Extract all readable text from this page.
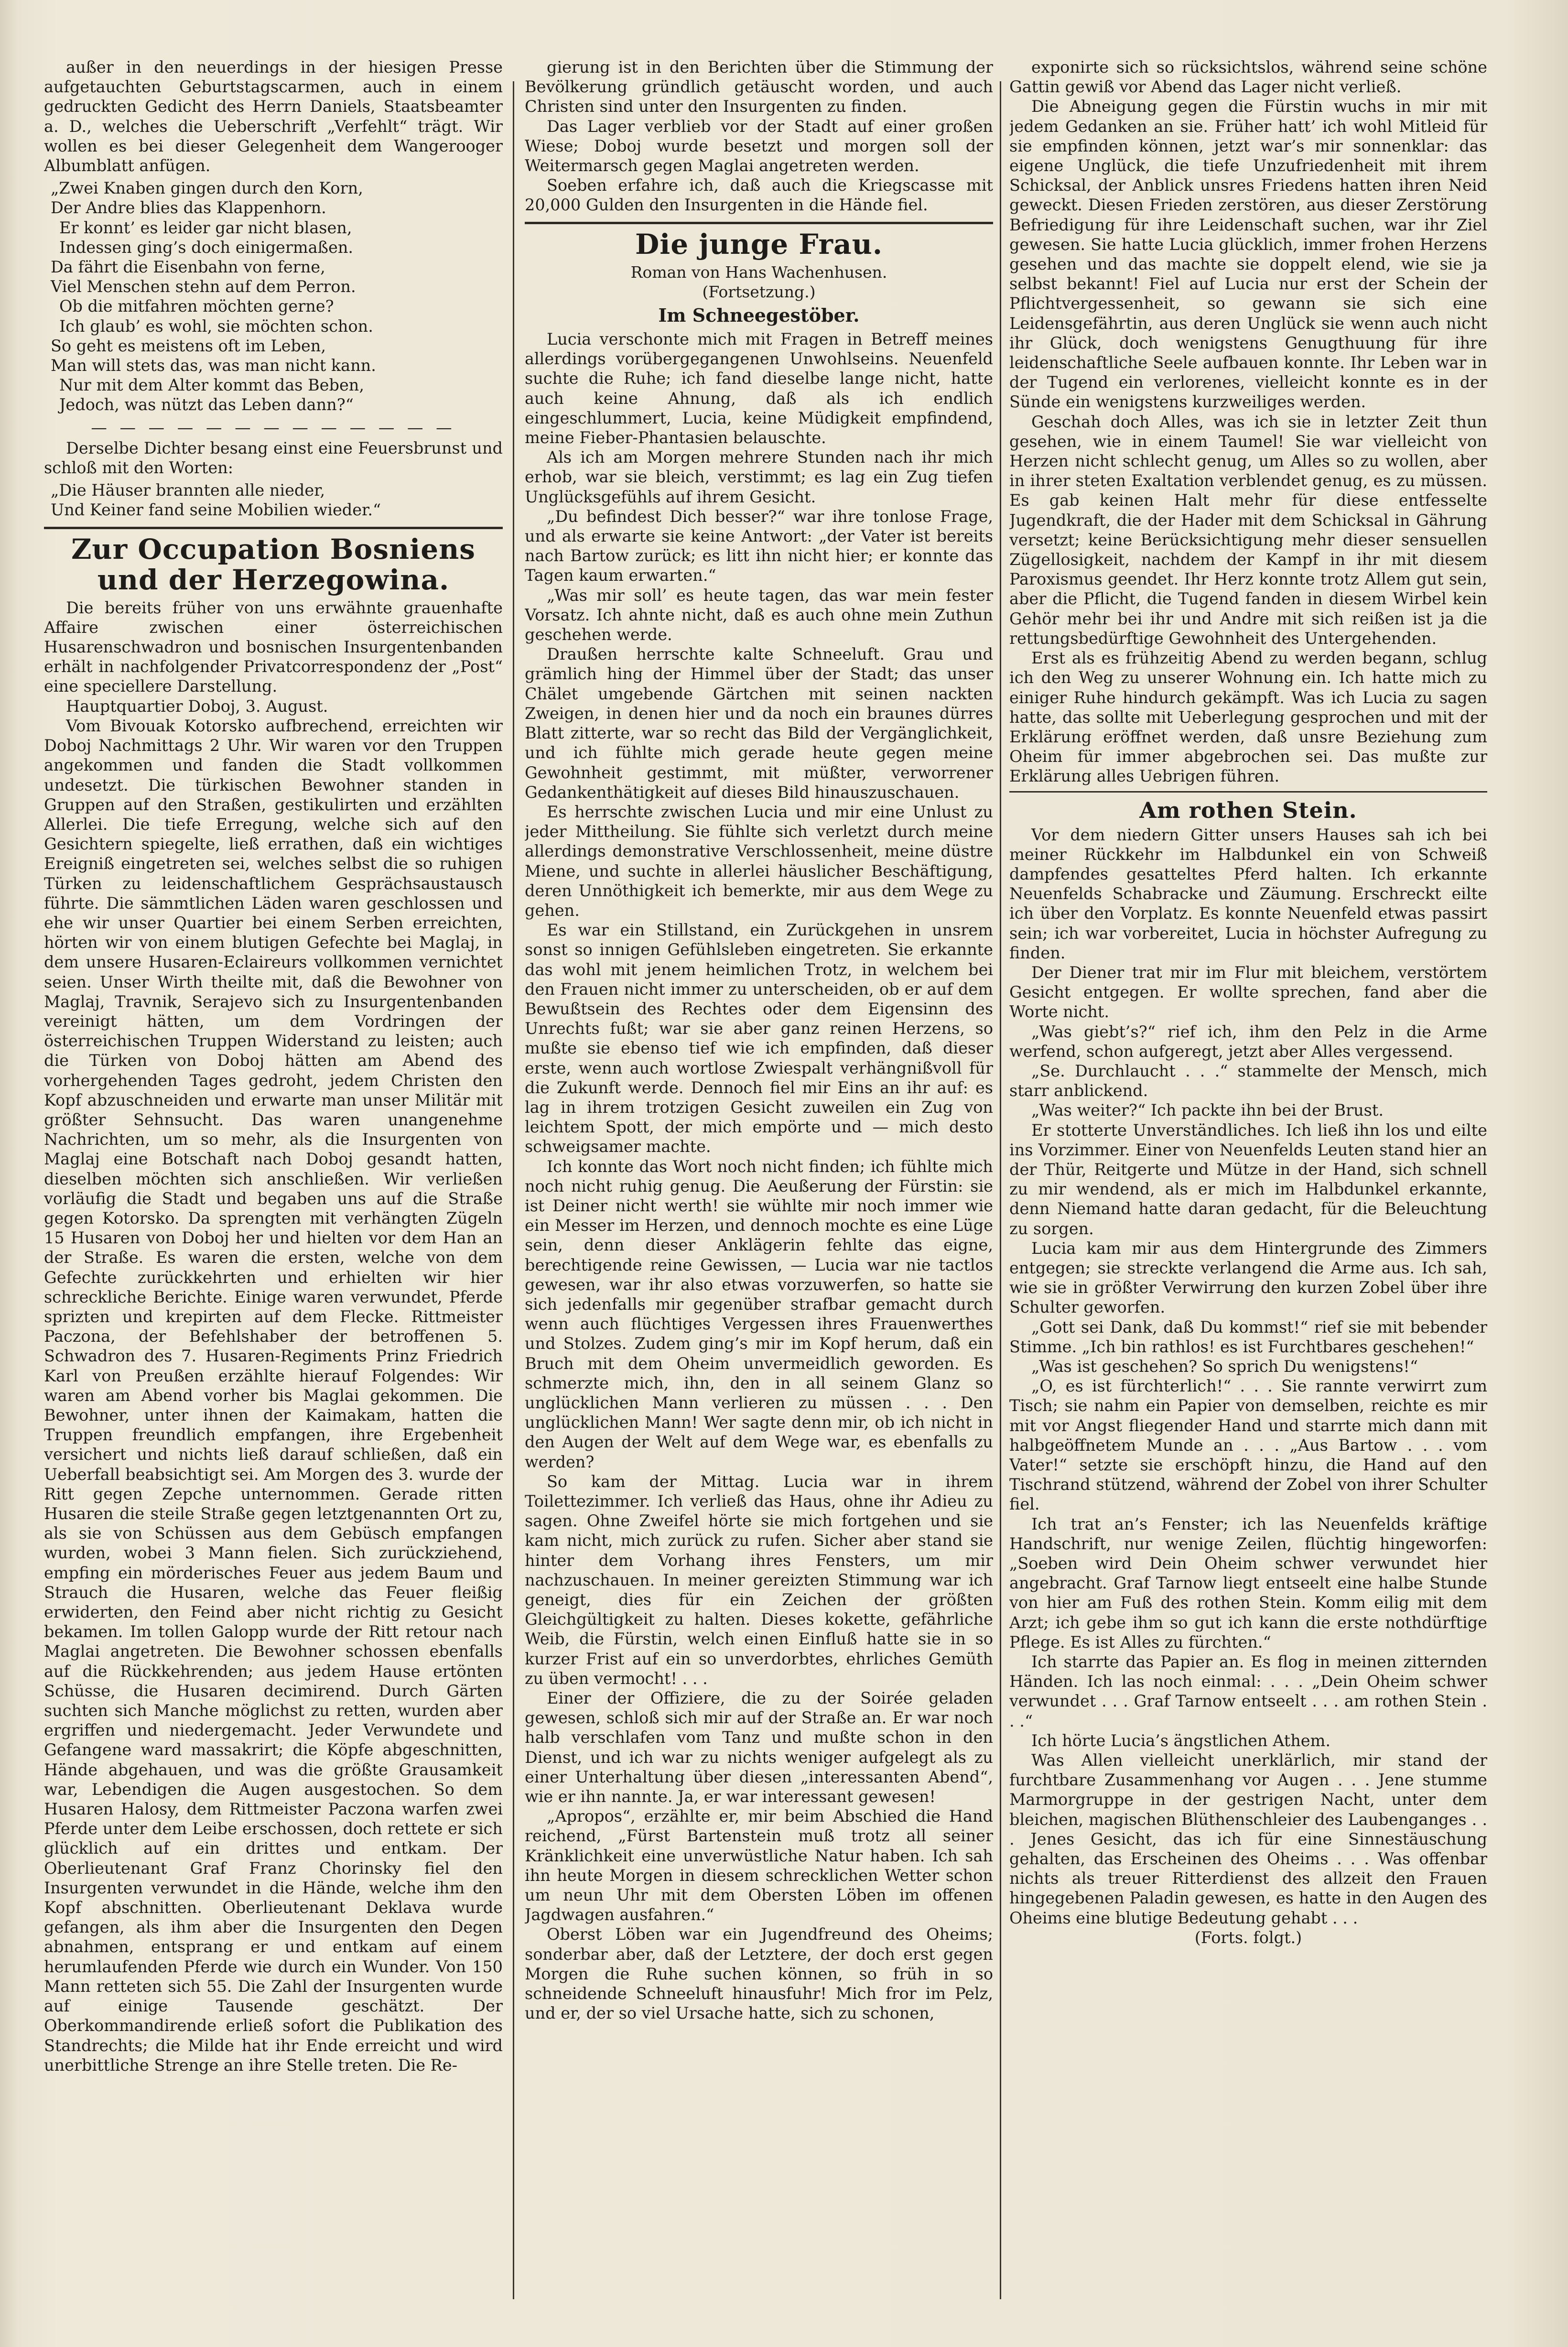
außer in den neuerdings in der hiesigen Presse aufgetauchten Geburtstagscarmen, auch in einem gedruckten Gedicht des Herrn Daniels, Staatsbeamter a. D., welches die Ueberschrift „Verfehlt“ trägt. Wir wollen es bei dieser Gelegenheit dem Wangerooger Albumblatt anfügen.

„Zwei Knaben gingen durch den Korn,
Der Andre blies das Klappenhorn.
Er konnt’ es leider gar nicht blasen,
Indessen ging’s doch einigermaßen.
Da fährt die Eisenbahn von ferne,
Viel Menschen stehn auf dem Perron.
Ob die mitfahren möchten gerne?
Ich glaub’ es wohl, sie möchten schon.
So geht es meistens oft im Leben,
Man will stets das, was man nicht kann.
Nur mit dem Alter kommt das Beben,
Jedoch, was nützt das Leben dann?“
— — — — — — — — — — — — —

Derselbe Dichter besang einst eine Feuersbrunst und schloß mit den Worten:

„Die Häuser brannten alle nieder,
Und Keiner fand seine Mobilien wieder.“
Zur Occupation Bosniens und der Herzegowina.

Die bereits früher von uns erwähnte grauenhafte Affaire zwischen einer österreichischen Husarenschwadron und bosnischen Insurgentenbanden erhält in nachfolgender Privatcorrespondenz der „Post“ eine speciellere Darstellung.

Hauptquartier Doboj, 3. August.

Vom Bivouak Kotorsko aufbrechend, erreichten wir Doboj Nachmittags 2 Uhr. Wir waren vor den Truppen angekommen und fanden die Stadt vollkommen undesetzt. Die türkischen Bewohner standen in Gruppen auf den Straßen, gestikulirten und erzählten Allerlei. Die tiefe Erregung, welche sich auf den Gesichtern spiegelte, ließ errathen, daß ein wichtiges Ereigniß eingetreten sei, welches selbst die so ruhigen Türken zu leidenschaftlichem Gesprächsaustausch führte. Die sämmtlichen Läden waren geschlossen und ehe wir unser Quartier bei einem Serben erreichten, hörten wir von einem blutigen Gefechte bei Maglaj, in dem unsere Husaren-Eclaireurs vollkommen vernichtet seien. Unser Wirth theilte mit, daß die Bewohner von Maglaj, Travnik, Serajevo sich zu Insurgentenbanden vereinigt hätten, um dem Vordringen der österreichischen Truppen Widerstand zu leisten; auch die Türken von Doboj hätten am Abend des vorhergehenden Tages gedroht, jedem Christen den Kopf abzuschneiden und erwarte man unser Militär mit größter Sehnsucht. Das waren unangenehme Nachrichten, um so mehr, als die Insurgenten von Maglaj eine Botschaft nach Doboj gesandt hatten, dieselben möchten sich anschließen. Wir verließen vorläufig die Stadt und begaben uns auf die Straße gegen Kotorsko. Da sprengten mit verhängten Zügeln 15 Husaren von Doboj her und hielten vor dem Han an der Straße. Es waren die ersten, welche von dem Gefechte zurückkehrten und erhielten wir hier schreckliche Berichte. Einige waren verwundet, Pferde sprizten und krepirten auf dem Flecke. Rittmeister Paczona, der Befehlshaber der betroffenen 5. Schwadron des 7. Husaren-Regiments Prinz Friedrich Karl von Preußen erzählte hierauf Folgendes: Wir waren am Abend vorher bis Maglai gekommen. Die Bewohner, unter ihnen der Kaimakam, hatten die Truppen freundlich empfangen, ihre Ergebenheit versichert und nichts ließ darauf schließen, daß ein Ueberfall beabsichtigt sei. Am Morgen des 3. wurde der Ritt gegen Zepche unternommen. Gerade ritten Husaren die steile Straße gegen letztgenannten Ort zu, als sie von Schüssen aus dem Gebüsch empfangen wurden, wobei 3 Mann fielen. Sich zurückziehend, empfing ein mörderisches Feuer aus jedem Baum und Strauch die Husaren, welche das Feuer fleißig erwiderten, den Feind aber nicht richtig zu Gesicht bekamen. Im tollen Galopp wurde der Ritt retour nach Maglai angetreten. Die Bewohner schossen ebenfalls auf die Rückkehrenden; aus jedem Hause ertönten Schüsse, die Husaren decimirend. Durch Gärten suchten sich Manche möglichst zu retten, wurden aber ergriffen und niedergemacht. Jeder Verwundete und Gefangene ward massakrirt; die Köpfe abgeschnitten, Hände abgehauen, und was die größte Grausamkeit war, Lebendigen die Augen ausgestochen. So dem Husaren Halosy, dem Rittmeister Paczona warfen zwei Pferde unter dem Leibe erschossen, doch rettete er sich glücklich auf ein drittes und entkam. Der Oberlieutenant Graf Franz Chorinsky fiel den Insurgenten verwundet in die Hände, welche ihm den Kopf abschnitten. Oberlieutenant Deklava wurde gefangen, als ihm aber die Insurgenten den Degen abnahmen, entsprang er und entkam auf einem herumlaufenden Pferde wie durch ein Wunder. Von 150 Mann retteten sich 55. Die Zahl der Insurgenten wurde auf einige Tausende geschätzt. Der Oberkommandirende erließ sofort die Publikation des Standrechts; die Milde hat ihr Ende erreicht und wird unerbittliche Strenge an ihre Stelle treten. Die Re-

gierung ist in den Berichten über die Stimmung der Bevölkerung gründlich getäuscht worden, und auch Christen sind unter den Insurgenten zu finden.

Das Lager verblieb vor der Stadt auf einer großen Wiese; Doboj wurde besetzt und morgen soll der Weitermarsch gegen Maglai angetreten werden.

Soeben erfahre ich, daß auch die Kriegscasse mit 20,000 Gulden den Insurgenten in die Hände fiel.

Die junge Frau.
Roman von Hans Wachenhusen.
(Fortsetzung.)
Im Schneegestöber.

Lucia verschonte mich mit Fragen in Betreff meines allerdings vorübergegangenen Unwohlseins. Neuenfeld suchte die Ruhe; ich fand dieselbe lange nicht, hatte auch keine Ahnung, daß als ich endlich eingeschlummert, Lucia, keine Müdigkeit empfindend, meine Fieber-Phantasien belauschte.

Als ich am Morgen mehrere Stunden nach ihr mich erhob, war sie bleich, verstimmt; es lag ein Zug tiefen Unglücksgefühls auf ihrem Gesicht.

„Du befindest Dich besser?“ war ihre tonlose Frage, und als erwarte sie keine Antwort: „der Vater ist bereits nach Bartow zurück; es litt ihn nicht hier; er konnte das Tagen kaum erwarten.“

„Was mir soll’ es heute tagen, das war mein fester Vorsatz. Ich ahnte nicht, daß es auch ohne mein Zuthun geschehen werde.

Draußen herrschte kalte Schneeluft. Grau und grämlich hing der Himmel über der Stadt; das unser Chälet umgebende Gärtchen mit seinen nackten Zweigen, in denen hier und da noch ein braunes dürres Blatt zitterte, war so recht das Bild der Vergänglichkeit, und ich fühlte mich gerade heute gegen meine Gewohnheit gestimmt, mit müßter, verworrener Gedankenthätigkeit auf dieses Bild hinauszuschauen.

Es herrschte zwischen Lucia und mir eine Unlust zu jeder Mittheilung. Sie fühlte sich verletzt durch meine allerdings demonstrative Verschlossenheit, meine düstre Miene, und suchte in allerlei häuslicher Beschäftigung, deren Unnöthigkeit ich bemerkte, mir aus dem Wege zu gehen.

Es war ein Stillstand, ein Zurückgehen in unsrem sonst so innigen Gefühlsleben eingetreten. Sie erkannte das wohl mit jenem heimlichen Trotz, in welchem bei den Frauen nicht immer zu unterscheiden, ob er auf dem Bewußtsein des Rechtes oder dem Eigensinn des Unrechts fußt; war sie aber ganz reinen Herzens, so mußte sie ebenso tief wie ich empfinden, daß dieser erste, wenn auch wortlose Zwiespalt verhängnißvoll für die Zukunft werde. Dennoch fiel mir Eins an ihr auf: es lag in ihrem trotzigen Gesicht zuweilen ein Zug von leichtem Spott, der mich empörte und — mich desto schweigsamer machte.

Ich konnte das Wort noch nicht finden; ich fühlte mich noch nicht ruhig genug. Die Aeußerung der Fürstin: sie ist Deiner nicht werth! sie wühlte mir noch immer wie ein Messer im Herzen, und dennoch mochte es eine Lüge sein, denn dieser Anklägerin fehlte das eigne, berechtigende reine Gewissen, — Lucia war nie tactlos gewesen, war ihr also etwas vorzuwerfen, so hatte sie sich jedenfalls mir gegenüber strafbar gemacht durch wenn auch flüchtiges Vergessen ihres Frauenwerthes und Stolzes. Zudem ging’s mir im Kopf herum, daß ein Bruch mit dem Oheim unvermeidlich geworden. Es schmerzte mich, ihn, den in all seinem Glanz so unglücklichen Mann verlieren zu müssen . . . Den unglücklichen Mann! Wer sagte denn mir, ob ich nicht in den Augen der Welt auf dem Wege war, es ebenfalls zu werden?

So kam der Mittag. Lucia war in ihrem Toilettezimmer. Ich verließ das Haus, ohne ihr Adieu zu sagen. Ohne Zweifel hörte sie mich fortgehen und sie kam nicht, mich zurück zu rufen. Sicher aber stand sie hinter dem Vorhang ihres Fensters, um mir nachzuschauen. In meiner gereizten Stimmung war ich geneigt, dies für ein Zeichen der größten Gleichgültigkeit zu halten. Dieses kokette, gefährliche Weib, die Fürstin, welch einen Einfluß hatte sie in so kurzer Frist auf ein so unverdorbtes, ehrliches Gemüth zu üben vermocht! . . .

Einer der Offiziere, die zu der Soirée geladen gewesen, schloß sich mir auf der Straße an. Er war noch halb verschlafen vom Tanz und mußte schon in den Dienst, und ich war zu nichts weniger aufgelegt als zu einer Unterhaltung über diesen „interessanten Abend“, wie er ihn nannte. Ja, er war interessant gewesen!

„Apropos“, erzählte er, mir beim Abschied die Hand reichend, „Fürst Bartenstein muß trotz all seiner Kränklichkeit eine unverwüstliche Natur haben. Ich sah ihn heute Morgen in diesem schrecklichen Wetter schon um neun Uhr mit dem Obersten Löben im offenen Jagdwagen ausfahren.“

Oberst Löben war ein Jugendfreund des Oheims; sonderbar aber, daß der Letztere, der doch erst gegen Morgen die Ruhe suchen können, so früh in so schneidende Schneeluft hinausfuhr! Mich fror im Pelz, und er, der so viel Ursache hatte, sich zu schonen,

exponirte sich so rücksichtslos, während seine schöne Gattin gewiß vor Abend das Lager nicht verließ.

Die Abneigung gegen die Fürstin wuchs in mir mit jedem Gedanken an sie. Früher hatt’ ich wohl Mitleid für sie empfinden können, jetzt war’s mir sonnenklar: das eigene Unglück, die tiefe Unzufriedenheit mit ihrem Schicksal, der Anblick unsres Friedens hatten ihren Neid geweckt. Diesen Frieden zerstören, aus dieser Zerstörung Befriedigung für ihre Leidenschaft suchen, war ihr Ziel gewesen. Sie hatte Lucia glücklich, immer frohen Herzens gesehen und das machte sie doppelt elend, wie sie ja selbst bekannt! Fiel auf Lucia nur erst der Schein der Pflichtvergessenheit, so gewann sie sich eine Leidensgefährtin, aus deren Unglück sie wenn auch nicht ihr Glück, doch wenigstens Genugthuung für ihre leidenschaftliche Seele aufbauen konnte. Ihr Leben war in der Tugend ein verlorenes, vielleicht konnte es in der Sünde ein wenigstens kurzweiliges werden.

Geschah doch Alles, was ich sie in letzter Zeit thun gesehen, wie in einem Taumel! Sie war vielleicht von Herzen nicht schlecht genug, um Alles so zu wollen, aber in ihrer steten Exaltation verblendet genug, es zu müssen. Es gab keinen Halt mehr für diese entfesselte Jugendkraft, die der Hader mit dem Schicksal in Gährung versetzt; keine Berücksichtigung mehr dieser sensuellen Zügellosigkeit, nachdem der Kampf in ihr mit diesem Paroxismus geendet. Ihr Herz konnte trotz Allem gut sein, aber die Pflicht, die Tugend fanden in diesem Wirbel kein Gehör mehr bei ihr und Andre mit sich reißen ist ja die rettungsbedürftige Gewohnheit des Untergehenden.

Erst als es frühzeitig Abend zu werden begann, schlug ich den Weg zu unserer Wohnung ein. Ich hatte mich zu einiger Ruhe hindurch gekämpft. Was ich Lucia zu sagen hatte, das sollte mit Ueberlegung gesprochen und mit der Erklärung eröffnet werden, daß unsre Beziehung zum Oheim für immer abgebrochen sei. Das mußte zur Erklärung alles Uebrigen führen.

Am rothen Stein.

Vor dem niedern Gitter unsers Hauses sah ich bei meiner Rückkehr im Halbdunkel ein von Schweiß dampfendes gesatteltes Pferd halten. Ich erkannte Neuenfelds Schabracke und Zäumung. Erschreckt eilte ich über den Vorplatz. Es konnte Neuenfeld etwas passirt sein; ich war vorbereitet, Lucia in höchster Aufregung zu finden.

Der Diener trat mir im Flur mit bleichem, verstörtem Gesicht entgegen. Er wollte sprechen, fand aber die Worte nicht.

„Was giebt’s?“ rief ich, ihm den Pelz in die Arme werfend, schon aufgeregt, jetzt aber Alles vergessend.

„Se. Durchlaucht . . .“ stammelte der Mensch, mich starr anblickend.

„Was weiter?“ Ich packte ihn bei der Brust.

Er stotterte Unverständliches. Ich ließ ihn los und eilte ins Vorzimmer. Einer von Neuenfelds Leuten stand hier an der Thür, Reitgerte und Mütze in der Hand, sich schnell zu mir wendend, als er mich im Halbdunkel erkannte, denn Niemand hatte daran gedacht, für die Beleuchtung zu sorgen.

Lucia kam mir aus dem Hintergrunde des Zimmers entgegen; sie streckte verlangend die Arme aus. Ich sah, wie sie in größter Verwirrung den kurzen Zobel über ihre Schulter geworfen.

„Gott sei Dank, daß Du kommst!“ rief sie mit bebender Stimme. „Ich bin rathlos! es ist Furchtbares geschehen!“

„Was ist geschehen? So sprich Du wenigstens!“

„O, es ist fürchterlich!“ . . . Sie rannte verwirrt zum Tisch; sie nahm ein Papier von demselben, reichte es mir mit vor Angst fliegender Hand und starrte mich dann mit halbgeöffnetem Munde an . . . „Aus Bartow . . . vom Vater!“ setzte sie erschöpft hinzu, die Hand auf den Tischrand stützend, während der Zobel von ihrer Schulter fiel.

Ich trat an’s Fenster; ich las Neuenfelds kräftige Handschrift, nur wenige Zeilen, flüchtig hingeworfen: „Soeben wird Dein Oheim schwer verwundet hier angebracht. Graf Tarnow liegt entseelt eine halbe Stunde von hier am Fuß des rothen Stein. Komm eilig mit dem Arzt; ich gebe ihm so gut ich kann die erste nothdürftige Pflege. Es ist Alles zu fürchten.“

Ich starrte das Papier an. Es flog in meinen zitternden Händen. Ich las noch einmal: . . . „Dein Oheim schwer verwundet . . . Graf Tarnow entseelt . . . am rothen Stein . . .“

Ich hörte Lucia’s ängstlichen Athem.

Was Allen vielleicht unerklärlich, mir stand der furchtbare Zusammenhang vor Augen . . . Jene stumme Marmorgruppe in der gestrigen Nacht, unter dem bleichen, magischen Blüthenschleier des Laubenganges . . . Jenes Gesicht, das ich für eine Sinnestäuschung gehalten, das Erscheinen des Oheims . . . Was offenbar nichts als treuer Ritterdienst des allzeit den Frauen hingegebenen Paladin gewesen, es hatte in den Augen des Oheims eine blutige Bedeutung gehabt . . .

(Forts. folgt.)
